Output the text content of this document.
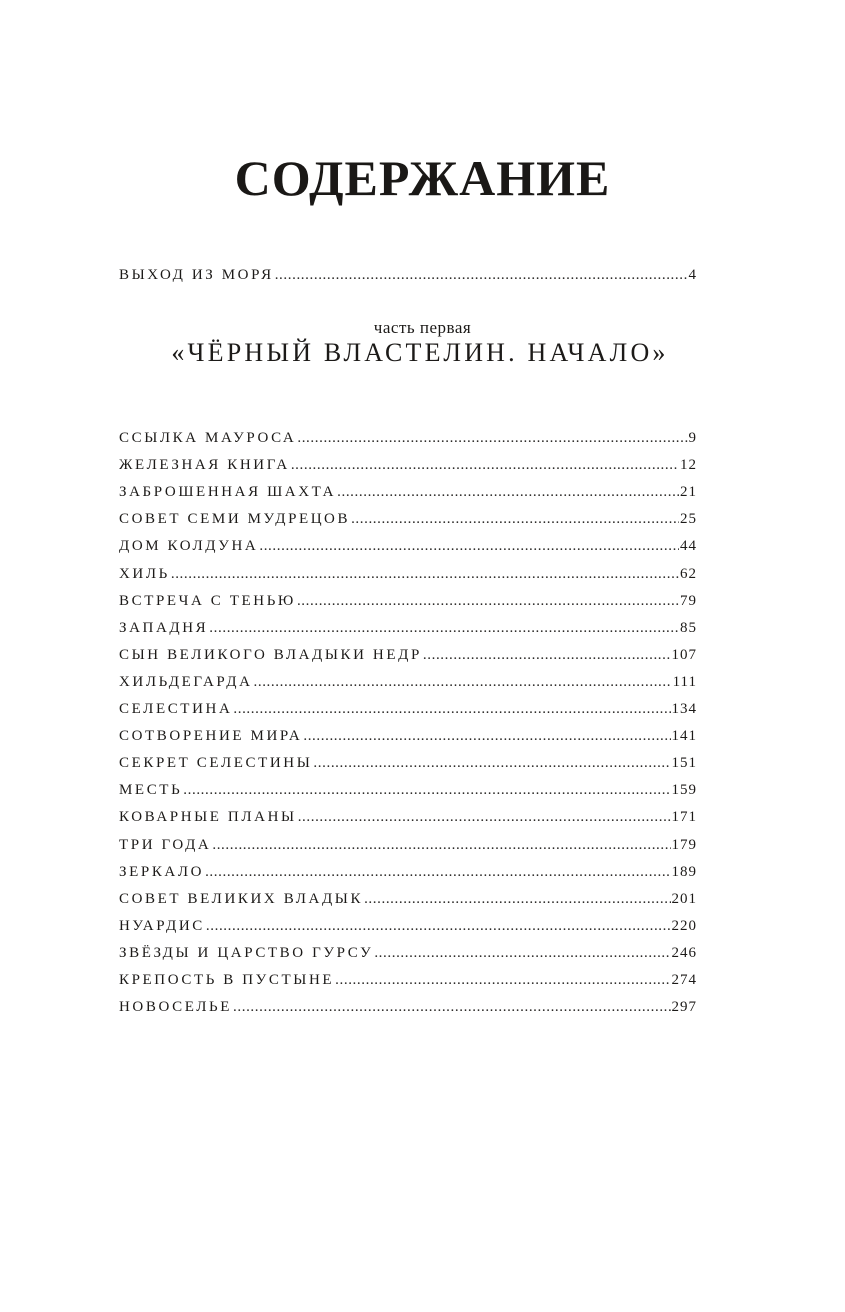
СОДЕРЖАНИЕ
ВЫХОД ИЗ МОРЯ .....	4
часть первая
«ЧЁРНЫЙ ВЛАСТЕЛИН. НАЧАЛО»
ССЫЛКА МАУРОСА .....	9
ЖЕЛЕЗНАЯ КНИГА .....	12
ЗАБРОШЕННАЯ ШАХТА .....	21
СОВЕТ СЕМИ МУДРЕЦОВ .....	25
ДОМ КОЛДУНА .....	44
ХИЛЬ .....	62
ВСТРЕЧА С ТЕНЬЮ .....	79
ЗАПАДНЯ .....	85
СЫН ВЕЛИКОГО ВЛАДЫКИ НЕДР .....	107
ХИЛЬДЕГАРДА .....	111
СЕЛЕСТИНА .....	134
СОТВОРЕНИЕ МИРА .....	141
СЕКРЕТ СЕЛЕСТИНЫ .....	151
МЕСТЬ .....	159
КОВАРНЫЕ ПЛАНЫ .....	171
ТРИ ГОДА .....	179
ЗЕРКАЛО .....	189
СОВЕТ ВЕЛИКИХ ВЛАДЫК .....	201
НУАРДИС .....	220
ЗВЁЗДЫ И ЦАРСТВО ГУРСУ .....	246
КРЕПОСТЬ В ПУСТЫНЕ .....	274
НОВОСЕЛЬЕ .....	297
